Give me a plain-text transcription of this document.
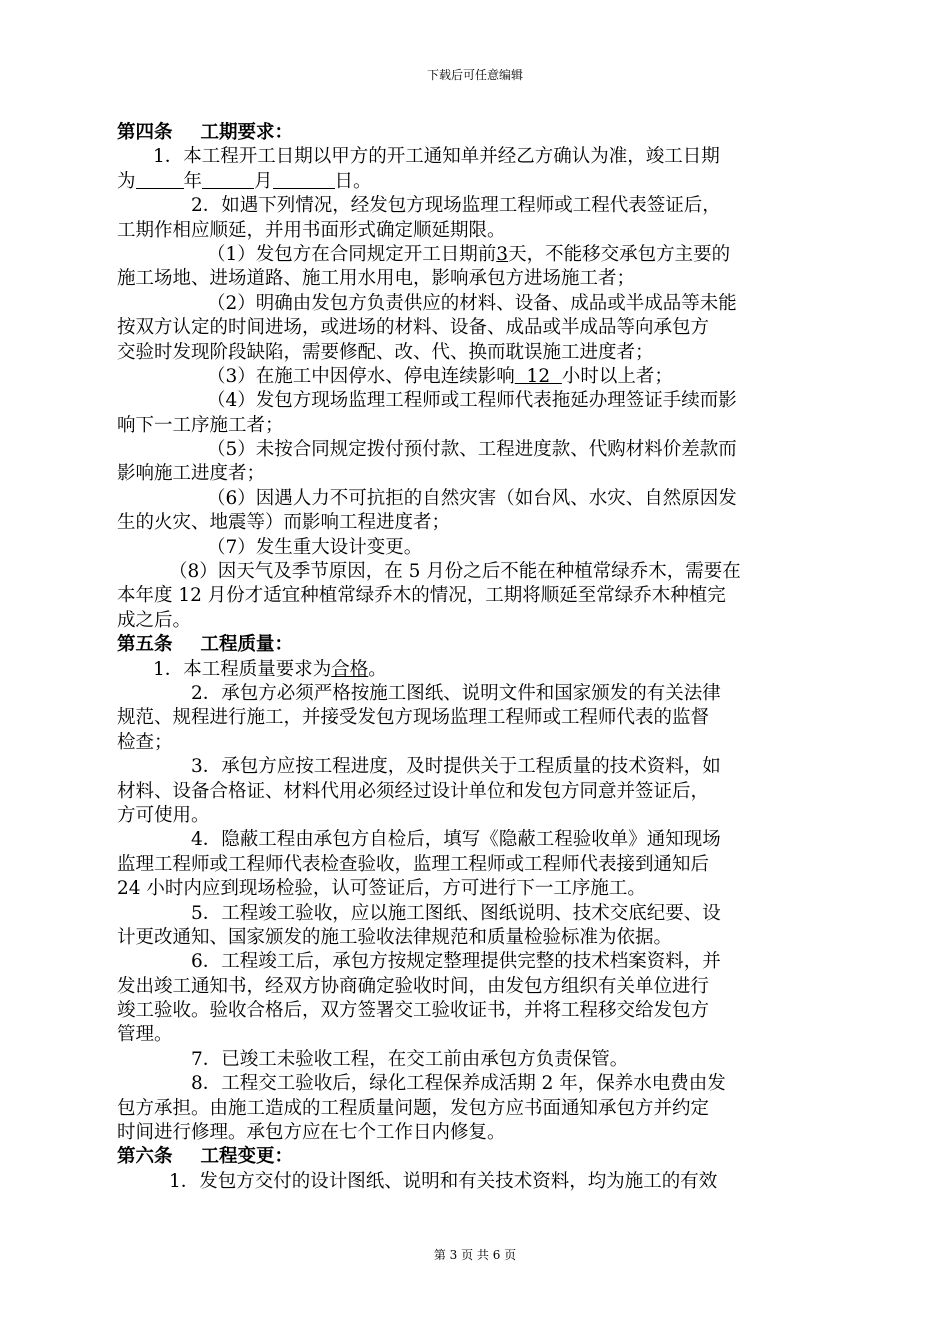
下载后可任意编辑
第四条 工期要求：
1．本工程开工日期以甲方的开工通知单并经乙方确认为准，竣工日期
为	年	月	日。
2．如遇下列情况，经发包方现场监理工程师或工程代表签证后，
工期作相应顺延，并用书面形式确定顺延期限。
（1）发包方在合同规定开工日期前3天，不能移交承包方主要的
施工场地、进场道路、施工用水用电，影响承包方进场施工者；
（2）明确由发包方负责供应的材料、设备、成品或半成品等未能
按双方认定的时间进场，或进场的材料、设备、成品或半成品等向承包方
交验时发现阶段缺陷，需要修配、改、代、换而耽误施工进度者；
（3）在施工中因停水、停电连续影响  12  小时以上者；
（4）发包方现场监理工程师或工程师代表拖延办理签证手续而影
响下一工序施工者；
（5）未按合同规定拨付预付款、工程进度款、代购材料价差款而
影响施工进度者；
（6）因遇人力不可抗拒的自然灾害（如台风、水灾、自然原因发
生的火灾、地震等）而影响工程进度者；
（7）发生重大设计变更。
（8）因天气及季节原因，在 5 月份之后不能在种植常绿乔木，需要在
本年度 12 月份才适宜种植常绿乔木的情况，工期将顺延至常绿乔木种植完
成之后。
第五条 工程质量：
1．本工程质量要求为合格。
2．承包方必须严格按施工图纸、说明文件和国家颁发的有关法律
规范、规程进行施工，并接受发包方现场监理工程师或工程师代表的监督
检查；
3．承包方应按工程进度，及时提供关于工程质量的技术资料，如
材料、设备合格证、材料代用必须经过设计单位和发包方同意并签证后，
方可使用。
4．隐蔽工程由承包方自检后，填写《隐蔽工程验收单》通知现场
监理工程师或工程师代表检查验收，监理工程师或工程师代表接到通知后
24 小时内应到现场检验，认可签证后，方可进行下一工序施工。
5．工程竣工验收，应以施工图纸、图纸说明、技术交底纪要、设
计更改通知、国家颁发的施工验收法律规范和质量检验标准为依据。
6．工程竣工后，承包方按规定整理提供完整的技术档案资料，并
发出竣工通知书，经双方协商确定验收时间，由发包方组织有关单位进行
竣工验收。验收合格后，双方签署交工验收证书，并将工程移交给发包方
管理。
7．已竣工未验收工程，在交工前由承包方负责保管。
8．工程交工验收后，绿化工程保养成活期 2 年，保养水电费由发
包方承担。由施工造成的工程质量问题，发包方应书面通知承包方并约定
时间进行修理。承包方应在七个工作日内修复。
第六条 工程变更：
1．发包方交付的设计图纸、说明和有关技术资料，均为施工的有效
第 3 页 共 6 页
